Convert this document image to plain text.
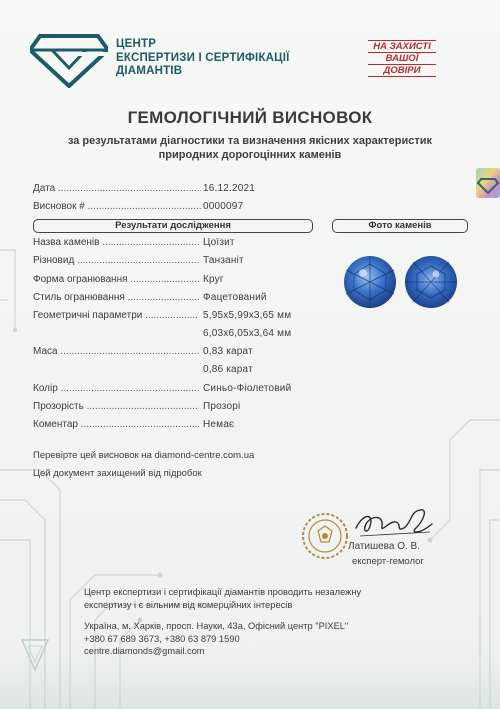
ЦЕНТР
ЕКСПЕРТИЗИ І СЕРТИФІКАЦІЇ
ДІАМАНТІВ
НА ЗАХИСТІ
ВАШОЇ
ДОВІРИ
ГЕМОЛОГІЧНИЙ ВИСНОВОК
за результатами діагностики та визначення якісних характеристик
природних дорогоцінних каменів
Дата .....	16.12.2021
Висновок # .....	0000097
Результати дослідження	Фото каменів
Назва каменів .....	Цоїзит
Різновид .....	Танзаніт
Форма огранювання .....	Круг
Стиль огранювання .....	Фацетований
Геометричні параметри .....	5,95x5,99x3,65 мм
6,03x6,05x3,64 мм
Маса .....	0,83 карат
0,86 карат
Колір .....	Синьо-Фіолетовий
Прозорість .....	Прозорі
Коментар .....	Немає
Перевірте цей висновок на diamond-centre.com.ua
Цей документ захищений від підробок
Латишева О. В.
експерт-гемолог
Центр експертизи і сертифікації діамантів проводить незалежну
експертизу і є вільним від комерційних інтересів
Україна, м. Харків, просп. Науки, 43а, Офісний центр "PIXEL"
+380 67 689 3673, +380 63 879 1590
centre.diamonds@gmail.com
